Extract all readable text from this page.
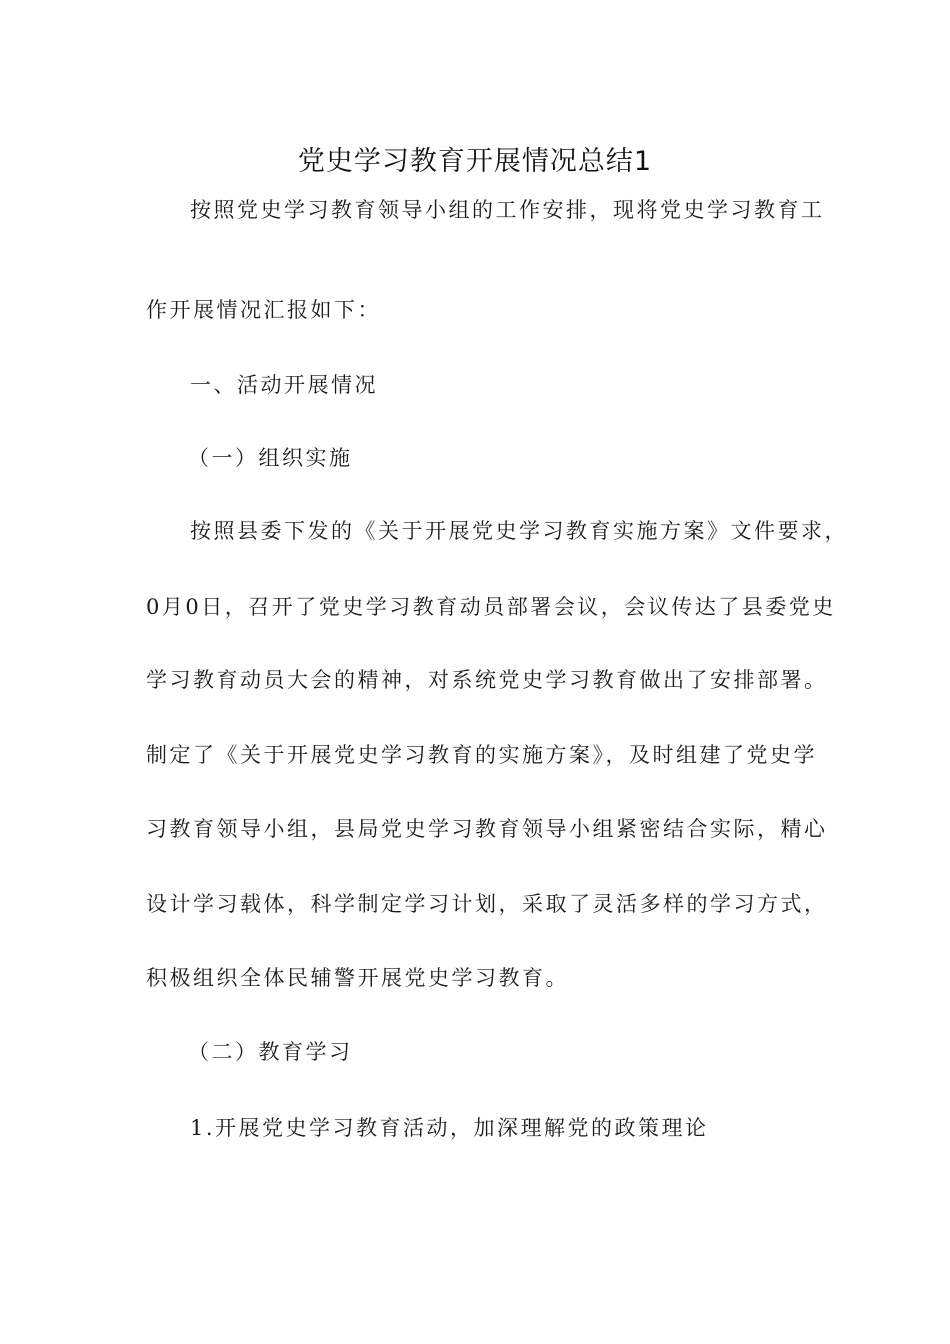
党史学习教育开展情况总结1
按照党史学习教育领导小组的工作安排，现将党史学习教育工
作开展情况汇报如下：
一、活动开展情况
（一）组织实施
按照县委下发的《关于开展党史学习教育实施方案》文件要求，
0月0日，召开了党史学习教育动员部署会议，会议传达了县委党史
学习教育动员大会的精神，对系统党史学习教育做出了安排部署。
制定了《关于开展党史学习教育的实施方案》，及时组建了党史学
习教育领导小组，县局党史学习教育领导小组紧密结合实际，精心
设计学习载体，科学制定学习计划，采取了灵活多样的学习方式，
积极组织全体民辅警开展党史学习教育。
（二）教育学习
1.开展党史学习教育活动，加深理解党的政策理论
